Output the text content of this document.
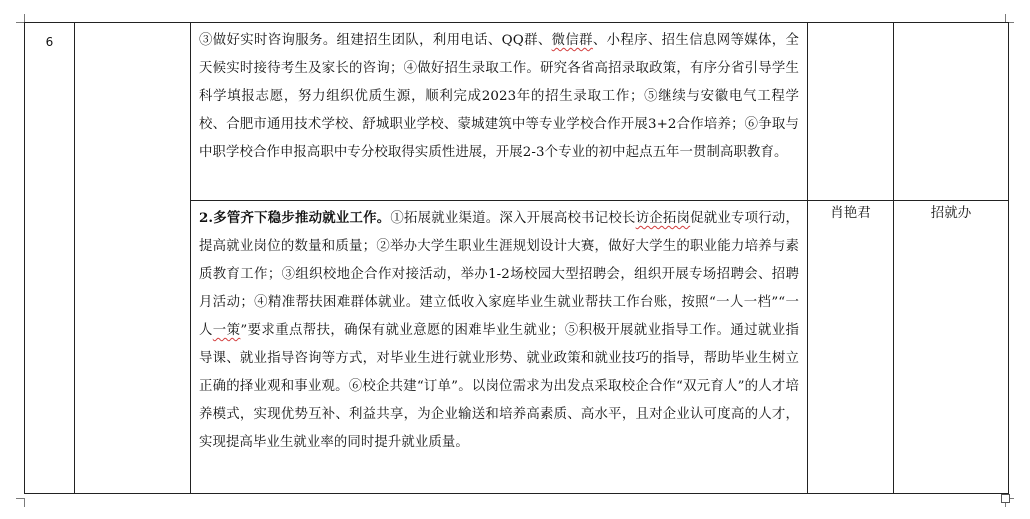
6		③做好实时咨询服务。组建招生团队，利用电话、QQ群、微信群、小程序、招生信息网等媒体，全天候实时接待考生及家长的咨询；④做好招生录取工作。研究各省高招录取政策，有序分省引导学生科学填报志愿，努力组织优质生源，顺利完成2023年的招生录取工作；⑤继续与安徽电气工程学校、合肥市通用技术学校、舒城职业学校、蒙城建筑中等专业学校合作开展3+2合作培养；⑥争取与中职学校合作申报高职中专分校取得实质性进展，开展2-3个专业的初中起点五年一贯制高职教育。		

		2.多管齐下稳步推动就业工作。①拓展就业渠道。深入开展高校书记校长访企拓岗促就业专项行动，提高就业岗位的数量和质量；②举办大学生职业生涯规划设计大赛，做好大学生的职业能力培养与素质教育工作；③组织校地企合作对接活动，举办1-2场校园大型招聘会，组织开展专场招聘会、招聘月活动；④精准帮扶困难群体就业。建立低收入家庭毕业生就业帮扶工作台账，按照“一人一档”“一人一策”要求重点帮扶，确保有就业意愿的困难毕业生就业；⑤积极开展就业指导工作。通过就业指导课、就业指导咨询等方式，对毕业生进行就业形势、就业政策和就业技巧的指导，帮助毕业生树立正确的择业观和事业观。⑥校企共建“订单”。以岗位需求为出发点采取校企合作“双元育人”的人才培养模式，实现优势互补、利益共享，为企业输送和培养高素质、高水平，且对企业认可度高的人才，实现提高毕业生就业率的同时提升就业质量。	肖艳君	招就办
